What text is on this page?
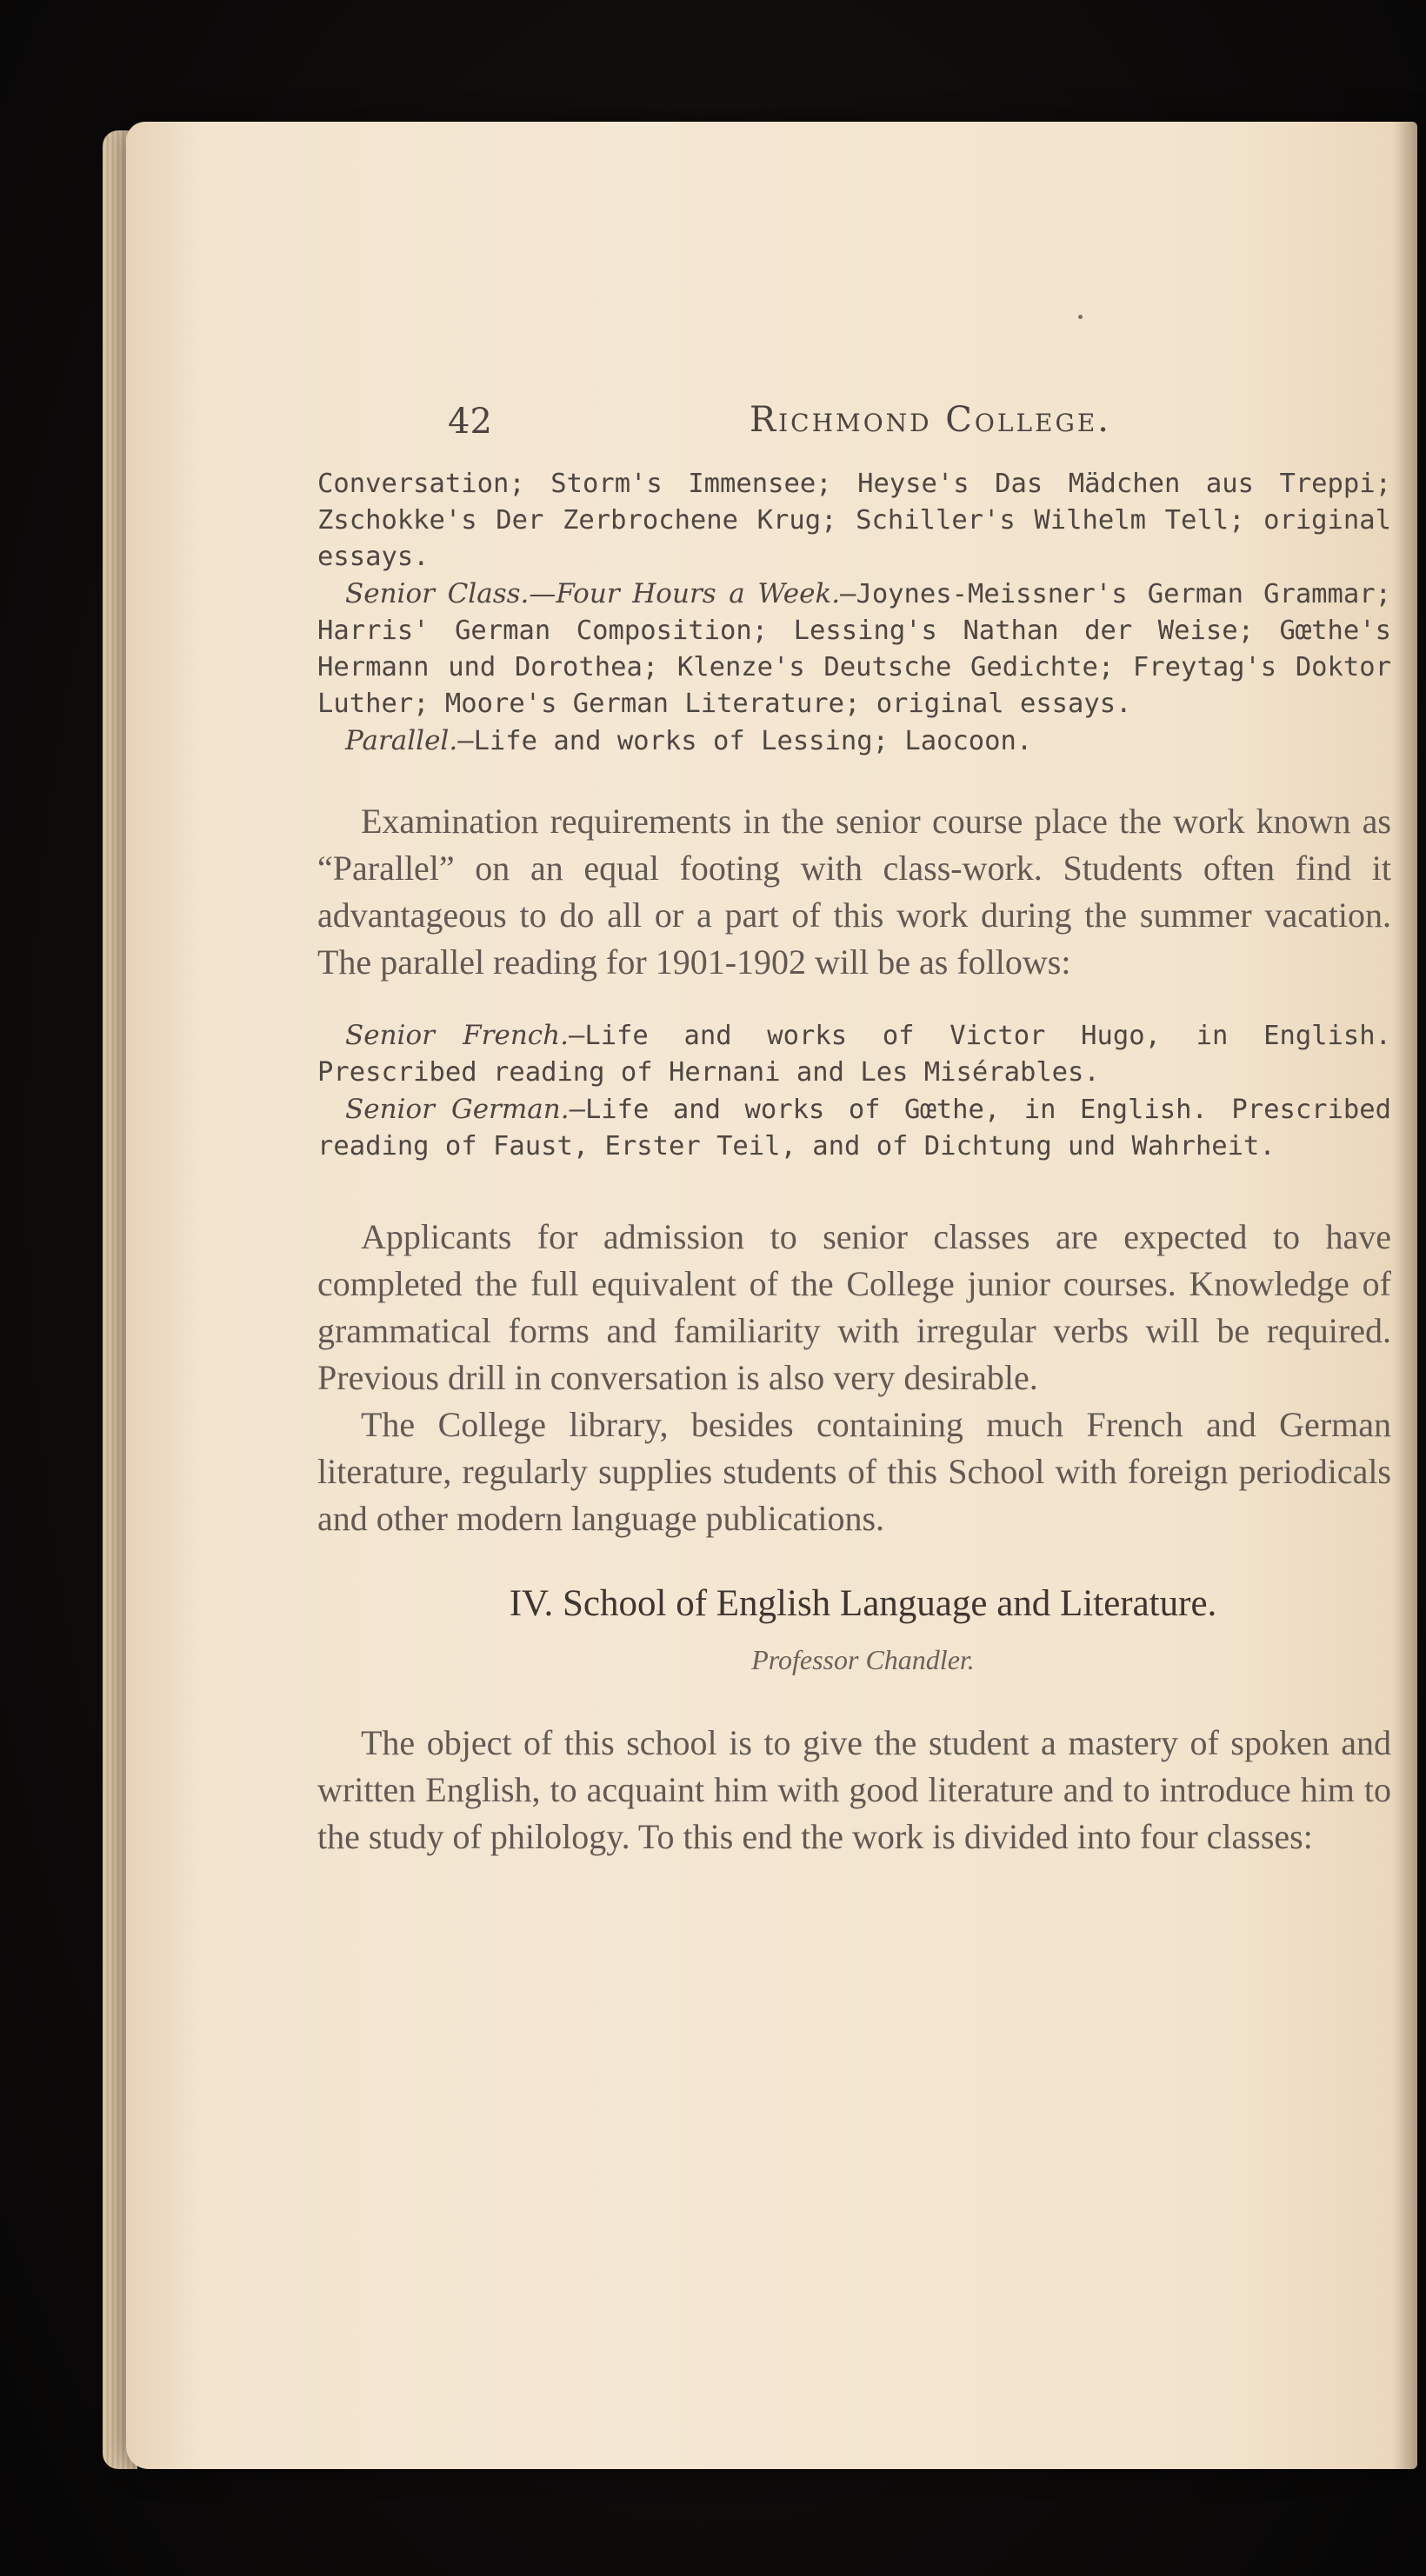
42	Richmond College.

Conversation; Storm's Immensee; Heyse's Das Mädchen aus Treppi; Zschokke's Der Zerbrochene Krug; Schiller's Wilhelm Tell; original essays.

Senior Class.—Four Hours a Week.—Joynes-Meissner's German Grammar; Harris' German Composition; Lessing's Nathan der Weise; Gœthe's Hermann und Dorothea; Klenze's Deutsche Gedichte; Freytag's Doktor Luther; Moore's German Literature; original essays.

Parallel.—Life and works of Lessing; Laocoon.

Examination requirements in the senior course place the work known as “Parallel” on an equal footing with class-work. Students often find it advantageous to do all or a part of this work during the summer vacation. The parallel reading for 1901-1902 will be as follows:

Senior French.—Life and works of Victor Hugo, in English. Prescribed reading of Hernani and Les Misérables.

Senior German.—Life and works of Gœthe, in English. Prescribed reading of Faust, Erster Teil, and of Dichtung und Wahrheit.

Applicants for admission to senior classes are expected to have completed the full equivalent of the College junior courses. Knowledge of grammatical forms and familiarity with irregular verbs will be required. Previous drill in conversation is also very desirable.

The College library, besides containing much French and German literature, regularly supplies students of this School with foreign periodicals and other modern language publications.

IV. School of English Language and Literature.
Professor Chandler.

The object of this school is to give the student a mastery of spoken and written English, to acquaint him with good literature and to introduce him to the study of philology. To this end the work is divided into four classes:
